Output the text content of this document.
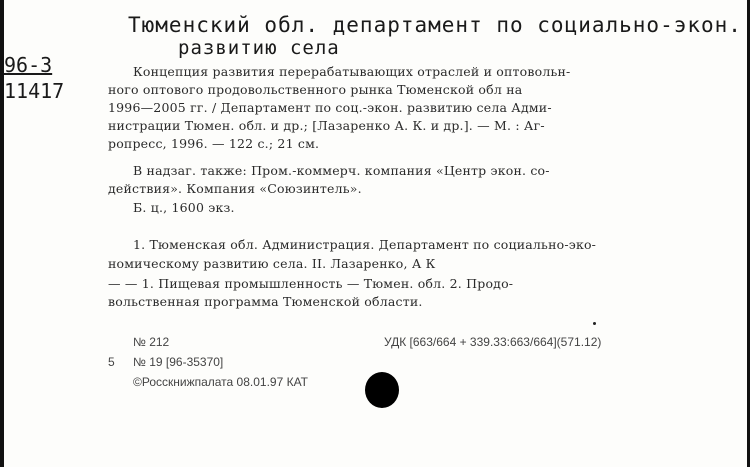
Тюменский обл. департамент по социально-экон.
развитию села
96-3
11417
Концепция развития перерабатывающих отраслей и оптовольн-
ного оптового продовольственного рынка Тюменской обл на
1996—2005 гг. / Департамент по соц.-экон. развитию села Адми-
нистрации Тюмен. обл. и др.; [Лазаренко А. К. и др.]. — М. : Аг-
ропресс, 1996. — 122 с.; 21 см.
В надзаг. также: Пром.-коммерч. компания «Центр экон. со-
действия». Компания «Союзинтель».
Б. ц., 1600 экз.
1. Тюменская обл. Администрация. Департамент по социально-эко-
номическому развитию села. II. Лазаренко, А К
— — 1. Пищевая промышленность — Тюмен. обл. 2. Продо-
вольственная программа Тюменской области.
№ 212	УДК [663/664 + 339.33:663/664](571.12)
5 № 19 [96-35370]
©Росскнижпалата 08.01.97 КАТ
